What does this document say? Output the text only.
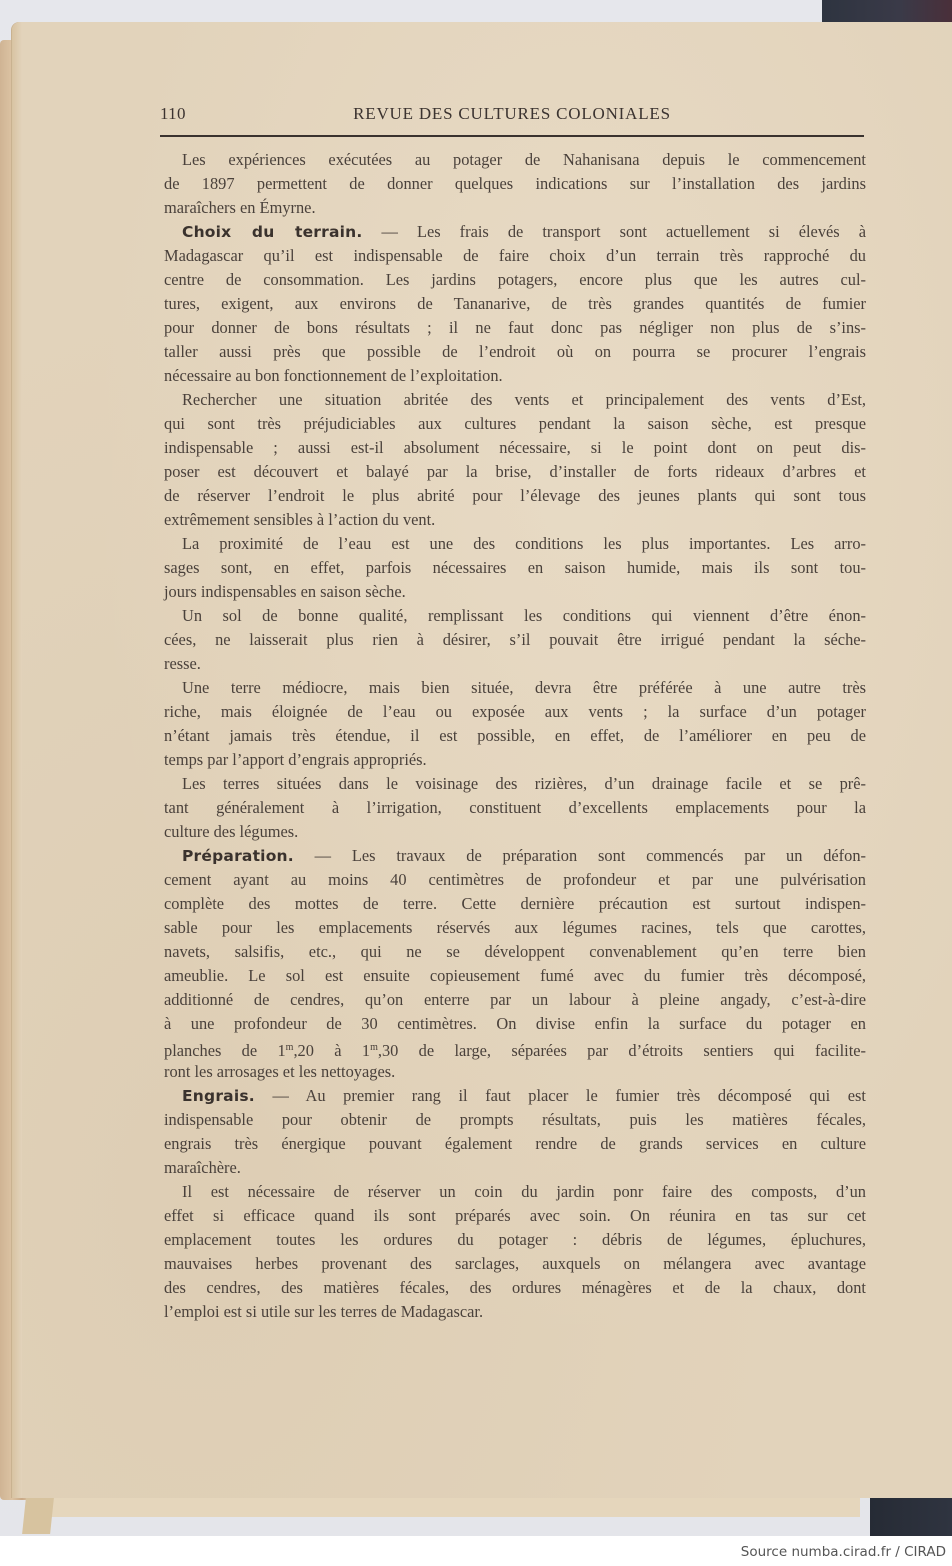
110	REVUE DES CULTURES COLONIALES
Les expériences exécutées au potager de Nahanisana depuis le commencement
de 1897 permettent de donner quelques indications sur l’installation des jardins
maraîchers en Émyrne.
Choix du terrain. — Les frais de transport sont actuellement si élevés à
Madagascar qu’il est indispensable de faire choix d’un terrain très rapproché du
centre de consommation. Les jardins potagers, encore plus que les autres cul-
tures, exigent, aux environs de Tananarive, de très grandes quantités de fumier
pour donner de bons résultats ; il ne faut donc pas négliger non plus de s’ins-
taller aussi près que possible de l’endroit où on pourra se procurer l’engrais
nécessaire au bon fonctionnement de l’exploitation.
Rechercher une situation abritée des vents et principalement des vents d’Est,
qui sont très préjudiciables aux cultures pendant la saison sèche, est presque
indispensable ; aussi est-il absolument nécessaire, si le point dont on peut dis-
poser est découvert et balayé par la brise, d’installer de forts rideaux d’arbres et
de réserver l’endroit le plus abrité pour l’élevage des jeunes plants qui sont tous
extrêmement sensibles à l’action du vent.
La proximité de l’eau est une des conditions les plus importantes. Les arro-
sages sont, en effet, parfois nécessaires en saison humide, mais ils sont tou-
jours indispensables en saison sèche.
Un sol de bonne qualité, remplissant les conditions qui viennent d’être énon-
cées, ne laisserait plus rien à désirer, s’il pouvait être irrigué pendant la séche-
resse.
Une terre médiocre, mais bien située, devra être préférée à une autre très
riche, mais éloignée de l’eau ou exposée aux vents ; la surface d’un potager
n’étant jamais très étendue, il est possible, en effet, de l’améliorer en peu de
temps par l’apport d’engrais appropriés.
Les terres situées dans le voisinage des rizières, d’un drainage facile et se prê-
tant généralement à l’irrigation, constituent d’excellents emplacements pour la
culture des légumes.
Préparation. — Les travaux de préparation sont commencés par un défon-
cement ayant au moins 40 centimètres de profondeur et par une pulvérisation
complète des mottes de terre. Cette dernière précaution est surtout indispen-
sable pour les emplacements réservés aux légumes racines, tels que carottes,
navets, salsifis, etc., qui ne se développent convenablement qu’en terre bien
ameublie. Le sol est ensuite copieusement fumé avec du fumier très décomposé,
additionné de cendres, qu’on enterre par un labour à pleine angady, c’est-à-dire
à une profondeur de 30 centimètres. On divise enfin la surface du potager en
planches de 1$^m$,20 à 1$^m$,30 de large, séparées par d’étroits sentiers qui facilite-
ront les arrosages et les nettoyages.
Engrais. — Au premier rang il faut placer le fumier très décomposé qui est
indispensable pour obtenir de prompts résultats, puis les matières fécales,
engrais très énergique pouvant également rendre de grands services en culture
maraîchère.
Il est nécessaire de réserver un coin du jardin ponr faire des composts, d’un
effet si efficace quand ils sont préparés avec soin. On réunira en tas sur cet
emplacement toutes les ordures du potager : débris de légumes, épluchures,
mauvaises herbes provenant des sarclages, auxquels on mélangera avec avantage
des cendres, des matières fécales, des ordures ménagères et de la chaux, dont
l’emploi est si utile sur les terres de Madagascar.
Source numba.cirad.fr / CIRAD
